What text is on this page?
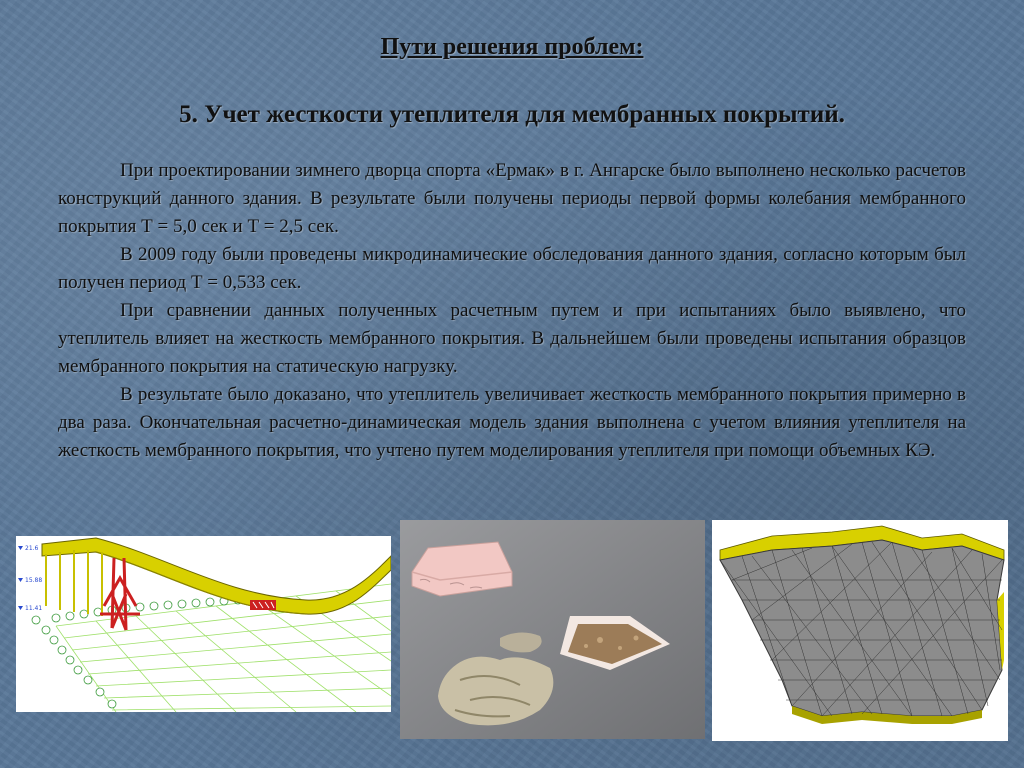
Пути решения проблем:
5. Учет жесткости утеплителя для мембранных покрытий.

При проектировании зимнего дворца спорта «Ермак» в г. Ангарске было выполнено несколько расчетов конструкций данного здания. В результате были получены периоды первой формы колебания мембранного покрытия Т = 5,0 сек и Т = 2,5 сек.

В 2009 году были проведены микродинамические обследования данного здания, согласно которым был получен период Т = 0,533 сек.

При сравнении данных полученных расчетным путем и при испытаниях было выявлено, что утеплитель влияет на жесткость мембранного покрытия. В дальнейшем были проведены испытания образцов мембранного покрытия на статическую нагрузку.

В результате было доказано, что утеплитель увеличивает жесткость мембранного покрытия примерно в два раза. Окончательная расчетно-динамическая модель здания выполнена с учетом влияния утеплителя на жесткость мембранного покрытия, что учтено путем моделирования утеплителя при помощи объемных КЭ.

21.6
15.88
11.41
